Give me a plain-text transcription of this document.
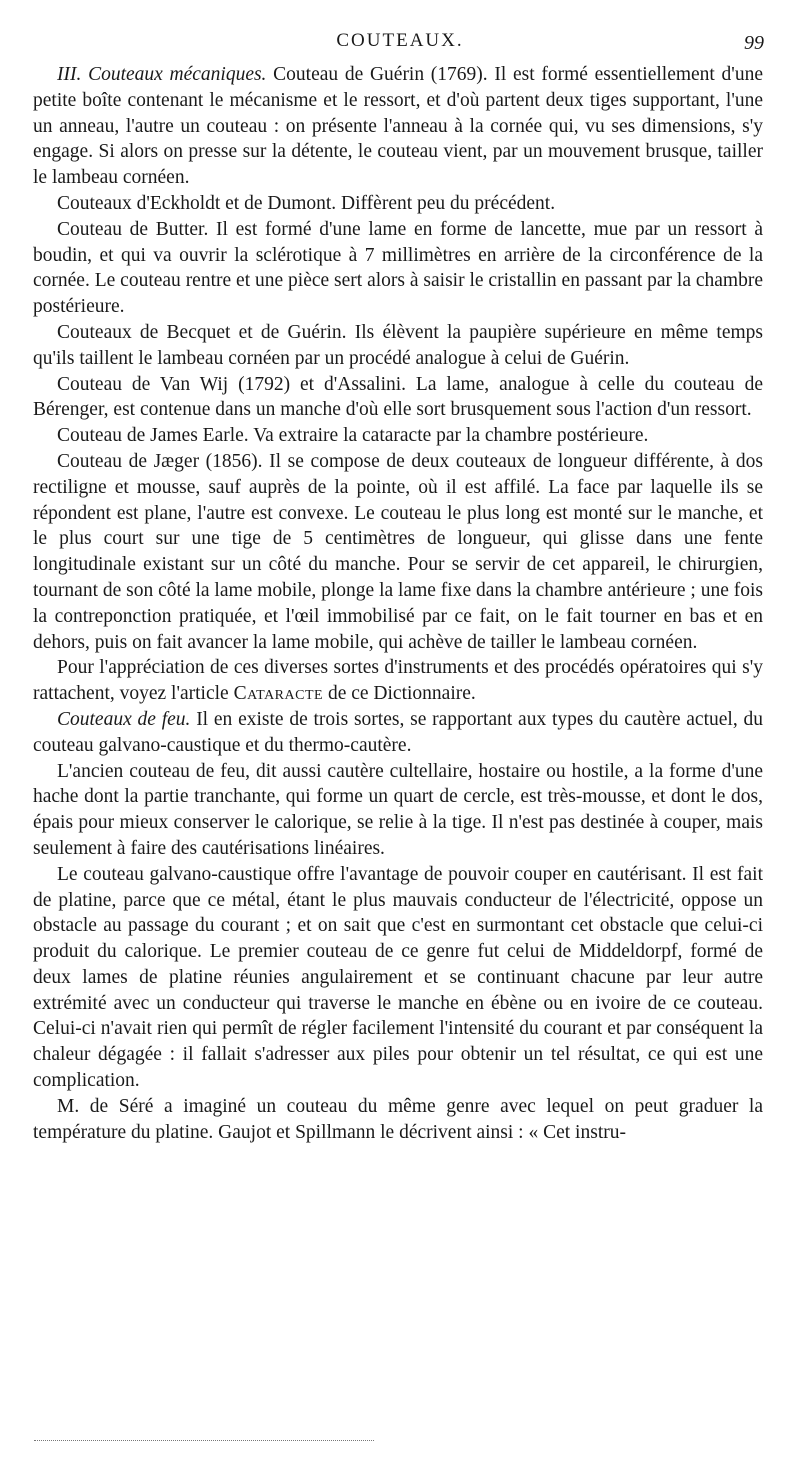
COUTEAUX.	99

III. Couteaux mécaniques. Couteau de Guérin (1769). Il est formé essentiellement d'une petite boîte contenant le mécanisme et le ressort, et d'où partent deux tiges supportant, l'une un anneau, l'autre un couteau : on présente l'anneau à la cornée qui, vu ses dimensions, s'y engage. Si alors on presse sur la détente, le couteau vient, par un mouvement brusque, tailler le lambeau cornéen.

Couteaux d'Eckholdt et de Dumont. Diffèrent peu du précédent.

Couteau de Butter. Il est formé d'une lame en forme de lancette, mue par un ressort à boudin, et qui va ouvrir la sclérotique à 7 millimètres en arrière de la circonférence de la cornée. Le couteau rentre et une pièce sert alors à saisir le cristallin en passant par la chambre postérieure.

Couteaux de Becquet et de Guérin. Ils élèvent la paupière supérieure en même temps qu'ils taillent le lambeau cornéen par un procédé analogue à celui de Guérin.

Couteau de Van Wij (1792) et d'Assalini. La lame, analogue à celle du couteau de Bérenger, est contenue dans un manche d'où elle sort brusquement sous l'action d'un ressort.

Couteau de James Earle. Va extraire la cataracte par la chambre postérieure.

Couteau de Jæger (1856). Il se compose de deux couteaux de longueur différente, à dos rectiligne et mousse, sauf auprès de la pointe, où il est affilé. La face par laquelle ils se répondent est plane, l'autre est convexe. Le couteau le plus long est monté sur le manche, et le plus court sur une tige de 5 centimètres de longueur, qui glisse dans une fente longitudinale existant sur un côté du manche. Pour se servir de cet appareil, le chirurgien, tournant de son côté la lame mobile, plonge la lame fixe dans la chambre antérieure ; une fois la contreponction pratiquée, et l'œil immobilisé par ce fait, on le fait tourner en bas et en dehors, puis on fait avancer la lame mobile, qui achève de tailler le lambeau cornéen.

Pour l'appréciation de ces diverses sortes d'instruments et des procédés opératoires qui s'y rattachent, voyez l'article Cataracte de ce Dictionnaire.

Couteaux de feu. Il en existe de trois sortes, se rapportant aux types du cautère actuel, du couteau galvano-caustique et du thermo-cautère.

L'ancien couteau de feu, dit aussi cautère cultellaire, hostaire ou hostile, a la forme d'une hache dont la partie tranchante, qui forme un quart de cercle, est très-mousse, et dont le dos, épais pour mieux conserver le calorique, se relie à la tige. Il n'est pas destinée à couper, mais seulement à faire des cautérisations linéaires.

Le couteau galvano-caustique offre l'avantage de pouvoir couper en cautérisant. Il est fait de platine, parce que ce métal, étant le plus mauvais conducteur de l'électricité, oppose un obstacle au passage du courant ; et on sait que c'est en surmontant cet obstacle que celui-ci produit du calorique. Le premier couteau de ce genre fut celui de Middeldorpf, formé de deux lames de platine réunies angulairement et se continuant chacune par leur autre extrémité avec un conducteur qui traverse le manche en ébène ou en ivoire de ce couteau. Celui-ci n'avait rien qui permît de régler facilement l'intensité du courant et par conséquent la chaleur dégagée : il fallait s'adresser aux piles pour obtenir un tel résultat, ce qui est une complication.

M. de Séré a imaginé un couteau du même genre avec lequel on peut graduer la température du platine. Gaujot et Spillmann le décrivent ainsi : « Cet instru-
